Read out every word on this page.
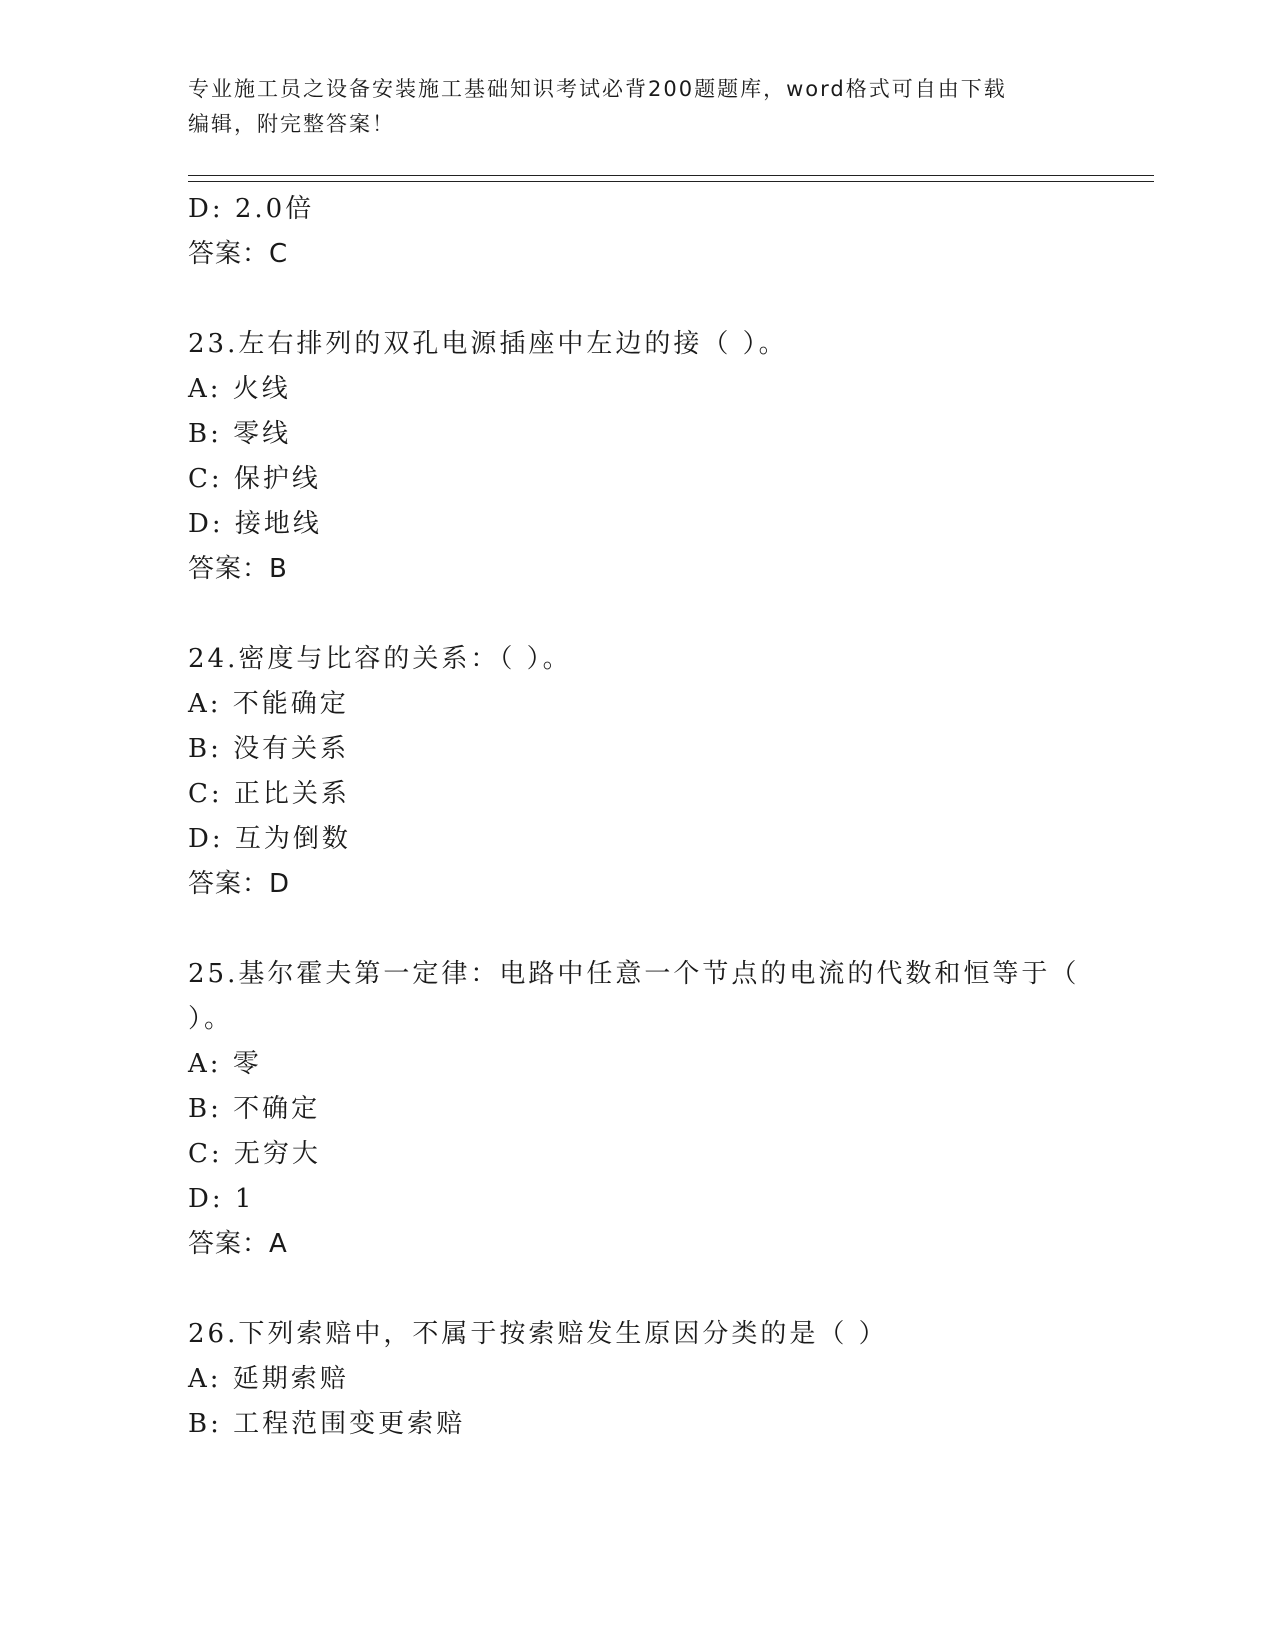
专业施工员之设备安装施工基础知识考试必背200题题库，word格式可自由下载
编辑，附完整答案！
D: 2.0倍
答案：C
23.左右排列的双孔电源插座中左边的接（ ）。
A: 火线
B: 零线
C: 保护线
D: 接地线
答案：B
24.密度与比容的关系：（ ）。
A: 不能确定
B: 没有关系
C: 正比关系
D: 互为倒数
答案：D
25.基尔霍夫第一定律：电路中任意一个节点的电流的代数和恒等于（
）。
A: 零
B: 不确定
C: 无穷大
D: 1
答案：A
26.下列索赔中，不属于按索赔发生原因分类的是（ ）
A: 延期索赔
B: 工程范围变更索赔
